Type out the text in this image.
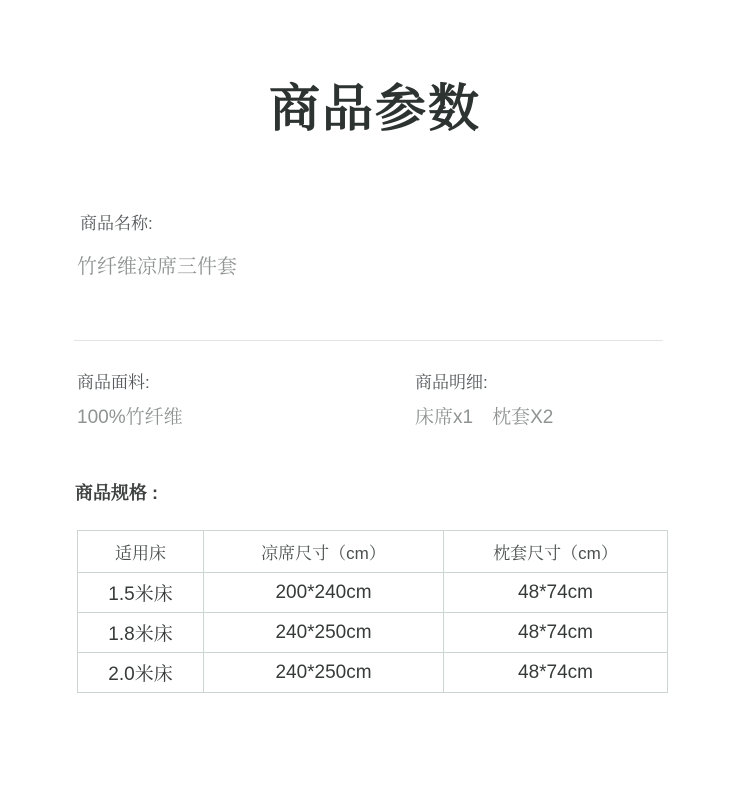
商品参数
商品名称:
竹纤维凉席三件套
商品面料:
100%竹纤维
商品明细:
床席x1　枕套X2
商品规格 :
适用床	凉席尺寸（cm）	枕套尺寸（cm）
1.5米床	200*240cm	48*74cm
1.8米床	240*250cm	48*74cm
2.0米床	240*250cm	48*74cm
